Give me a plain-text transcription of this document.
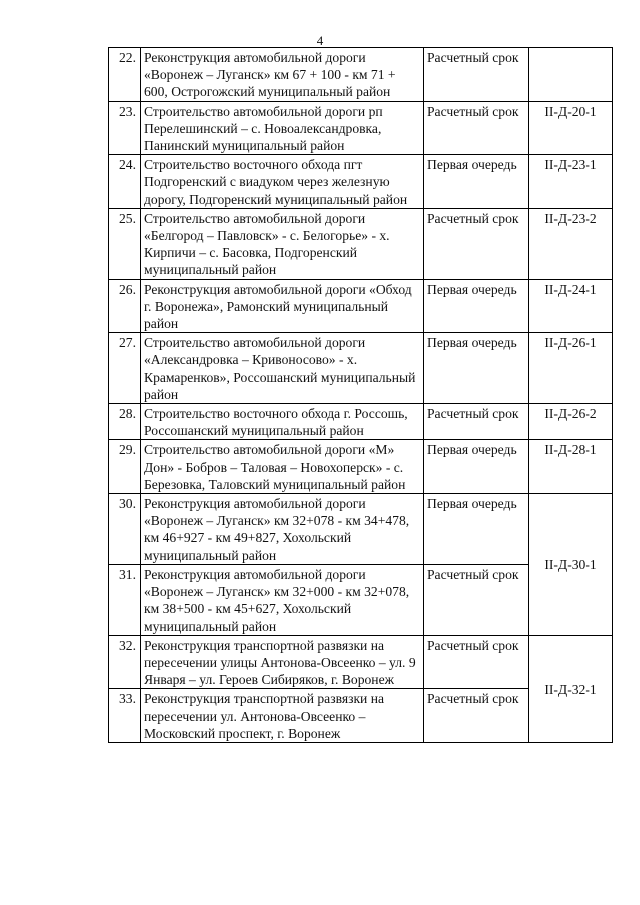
4
22.	Реконструкция автомобильной дороги «Воронеж – Луганск» км 67 + 100 - км 71 + 600, Острогожский муниципальный район	Расчетный срок	
23.	Строительство автомобильной дороги рп Перелешинский – с. Новоалександровка, Панинский муниципальный район	Расчетный срок	II-Д-20-1
24.	Строительство восточного обхода пгт Подгоренский с виадуком через железную дорогу, Подгоренский муниципальный район	Первая очередь	II-Д-23-1
25.	Строительство автомобильной дороги «Белгород – Павловск» - с. Белогорье» - х. Кирпичи – с. Басовка, Подгоренский муниципальный район	Расчетный срок	II-Д-23-2
26.	Реконструкция автомобильной дороги «Обход г. Воронежа», Рамонский муниципальный район	Первая очередь	II-Д-24-1
27.	Строительство автомобильной дороги «Александровка – Кривоносово» - х. Крамаренков», Россошанский муниципальный район	Первая очередь	II-Д-26-1
28.	Строительство восточного обхода г. Россошь, Россошанский муниципальный район	Расчетный срок	II-Д-26-2
29.	Строительство автомобильной дороги «М» Дон» - Бобров – Таловая – Новохоперск» - с. Березовка, Таловский муниципальный район	Первая очередь	II-Д-28-1
30.	Реконструкция автомобильной дороги «Воронеж – Луганск» км 32+078 - км 34+478, км 46+927 - км 49+827, Хохольский муниципальный район	Первая очередь	II-Д-30-1
31.	Реконструкция автомобильной дороги «Воронеж – Луганск» км 32+000 - км 32+078, км 38+500 - км 45+627, Хохольский муниципальный район	Расчетный срок	
32.	Реконструкция транспортной развязки на пересечении улицы Антонова-Овсеенко – ул. 9 Января – ул. Героев Сибиряков, г. Воронеж	Расчетный срок	II-Д-32-1
33.	Реконструкция транспортной развязки на пересечении ул. Антонова-Овсеенко – Московский проспект, г. Воронеж	Расчетный срок	
